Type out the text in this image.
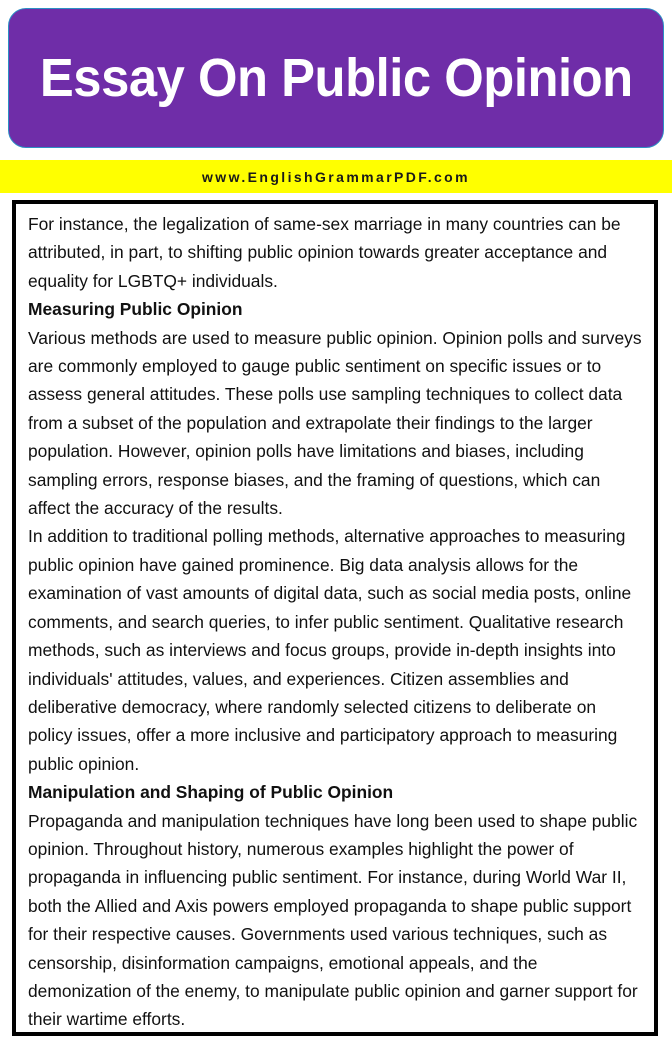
Essay On Public Opinion
www.EnglishGrammarPDF.com

For instance, the legalization of same-sex marriage in many countries can be attributed, in part, to shifting public opinion towards greater acceptance and equality for LGBTQ+ individuals.

Measuring Public Opinion

Various methods are used to measure public opinion. Opinion polls and surveys are commonly employed to gauge public sentiment on specific issues or to assess general attitudes. These polls use sampling techniques to collect data from a subset of the population and extrapolate their findings to the larger population. However, opinion polls have limitations and biases, including sampling errors, response biases, and the framing of questions, which can affect the accuracy of the results.

In addition to traditional polling methods, alternative approaches to measuring public opinion have gained prominence. Big data analysis allows for the examination of vast amounts of digital data, such as social media posts, online comments, and search queries, to infer public sentiment. Qualitative research methods, such as interviews and focus groups, provide in-depth insights into individuals' attitudes, values, and experiences. Citizen assemblies and deliberative democracy, where randomly selected citizens to deliberate on policy issues, offer a more inclusive and participatory approach to measuring public opinion.

Manipulation and Shaping of Public Opinion

Propaganda and manipulation techniques have long been used to shape public opinion. Throughout history, numerous examples highlight the power of propaganda in influencing public sentiment. For instance, during World War II, both the Allied and Axis powers employed propaganda to shape public support for their respective causes. Governments used various techniques, such as censorship, disinformation campaigns, emotional appeals, and the demonization of the enemy, to manipulate public opinion and garner support for their wartime efforts.
